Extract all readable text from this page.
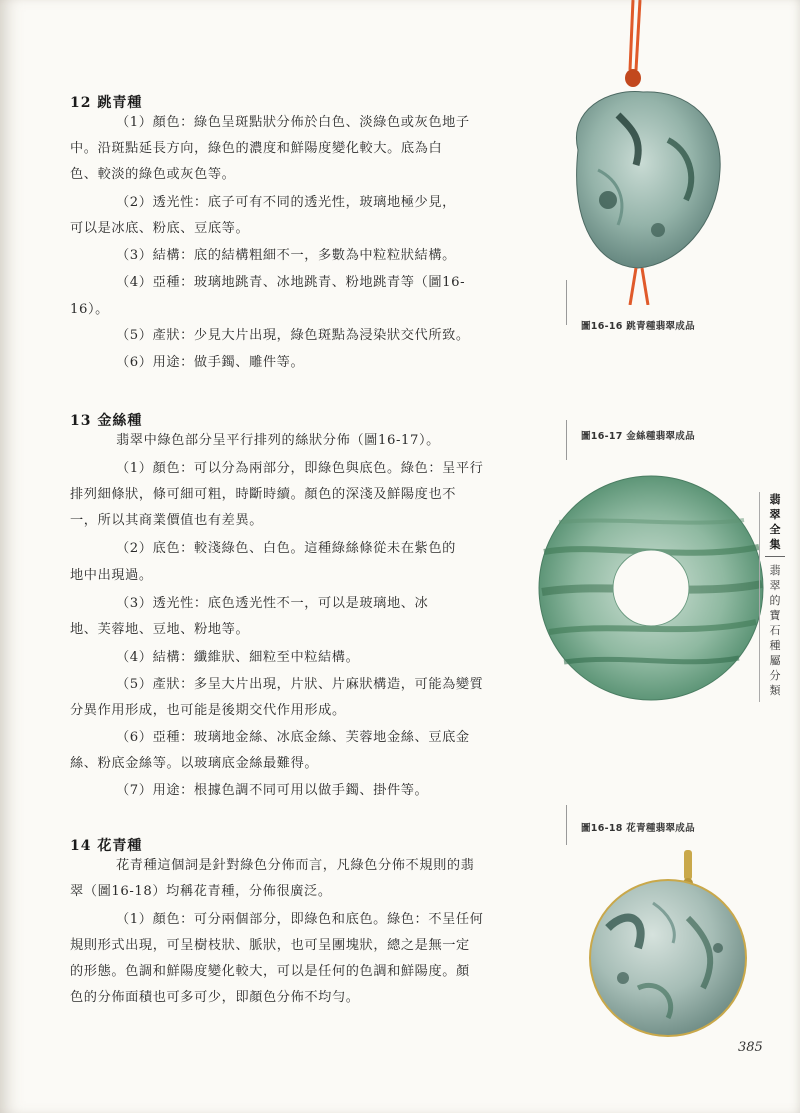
12 跳青種
（1）顏色：綠色呈斑點狀分佈於白色、淡綠色或灰色地子
中。沿斑點延長方向，綠色的濃度和鮮陽度變化較大。底為白
色、較淡的綠色或灰色等。
（2）透光性：底子可有不同的透光性，玻璃地極少見，
可以是冰底、粉底、豆底等。
（3）結構：底的結構粗細不一，多數為中粒粒狀結構。
（4）亞種：玻璃地跳青、冰地跳青、粉地跳青等（圖16-
16）。
（5）產狀：少見大片出現，綠色斑點為浸染狀交代所致。
（6）用途：做手鐲、雕件等。
13 金絲種
翡翠中綠色部分呈平行排列的絲狀分佈（圖16-17）。
（1）顏色：可以分為兩部分，即綠色與底色。綠色：呈平行
排列細條狀，條可細可粗，時斷時續。顏色的深淺及鮮陽度也不
一，所以其商業價值也有差異。
（2）底色：較淺綠色、白色。這種綠絲條從未在紫色的
地中出現過。
（3）透光性：底色透光性不一，可以是玻璃地、冰
地、芙蓉地、豆地、粉地等。
（4）結構：纖維狀、細粒至中粒結構。
（5）產狀：多呈大片出現，片狀、片麻狀構造，可能為變質
分異作用形成，也可能是後期交代作用形成。
（6）亞種：玻璃地金絲、冰底金絲、芙蓉地金絲、豆底金
絲、粉底金絲等。以玻璃底金絲最難得。
（7）用途：根據色調不同可用以做手鐲、掛件等。
14 花青種
花青種這個詞是針對綠色分佈而言，凡綠色分佈不規則的翡
翠（圖16-18）均稱花青種，分佈很廣泛。
（1）顏色：可分兩個部分，即綠色和底色。綠色：不呈任何
規則形式出現，可呈樹枝狀、脈狀，也可呈團塊狀，總之是無一定
的形態。色調和鮮陽度變化較大，可以是任何的色調和鮮陽度。顏
色的分佈面積也可多可少，即顏色分佈不均勻。
圖16-16 跳青種翡翠成品
圖16-17 金絲種翡翠成品
翡
翠
全
集
翡
翠
的
寶
石
種
屬
分
類
圖16-18 花青種翡翠成品
385
